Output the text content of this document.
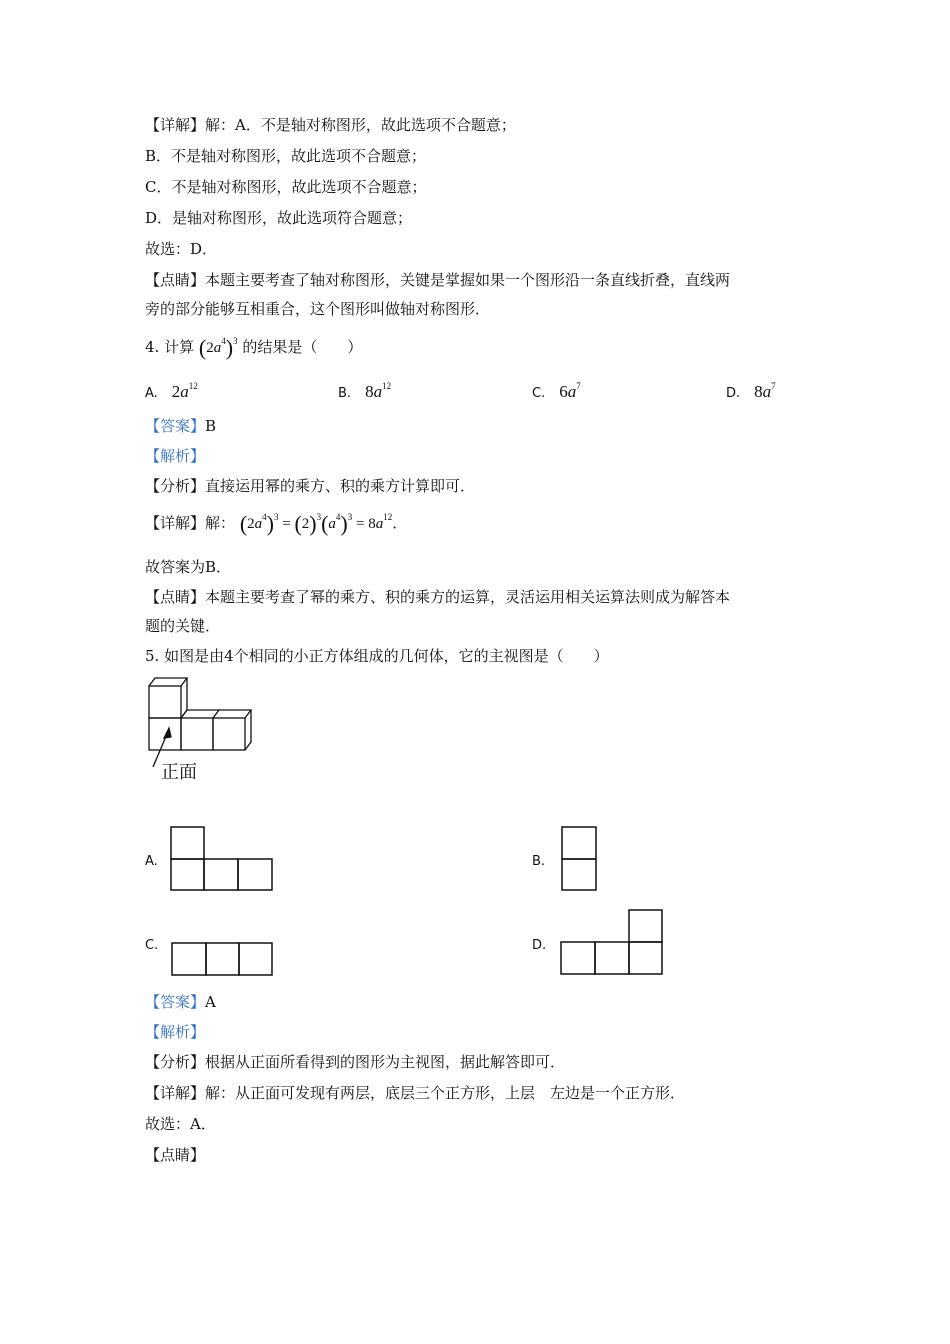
【详解】解：A．不是轴对称图形，故此选项不合题意；
B．不是轴对称图形，故此选项不合题意；
C．不是轴对称图形，故此选项不合题意；
D．是轴对称图形，故此选项符合题意；
故选：D．
【点睛】本题主要考查了轴对称图形，关键是掌握如果一个图形沿一条直线折叠，直线两
旁的部分能够互相重合，这个图形叫做轴对称图形．
4. 计算 $(2a^4)^3$ 的结果是（　　）
A. $2a^{12}$	B. $8a^{12}$	C. $6a^7$	D. $8a^7$
【答案】B
【解析】
【分析】直接运用幂的乘方、积的乘方计算即可．
【详解】解： $(2a^4)^3 = (2)^3(a^4)^3 = 8a^{12}$．
故答案为B．
【点睛】本题主要考查了幂的乘方、积的乘方的运算，灵活运用相关运算法则成为解答本
题的关键．
5. 如图是由4个相同的小正方体组成的几何体，它的主视图是（　　）
正面
A.	B.
C.	D.
【答案】A
【解析】
【分析】根据从正面所看得到的图形为主视图，据此解答即可．
【详解】解：从正面可发现有两层，底层三个正方形，上层　左边是一个正方形．
故选：A．
【点睛】
